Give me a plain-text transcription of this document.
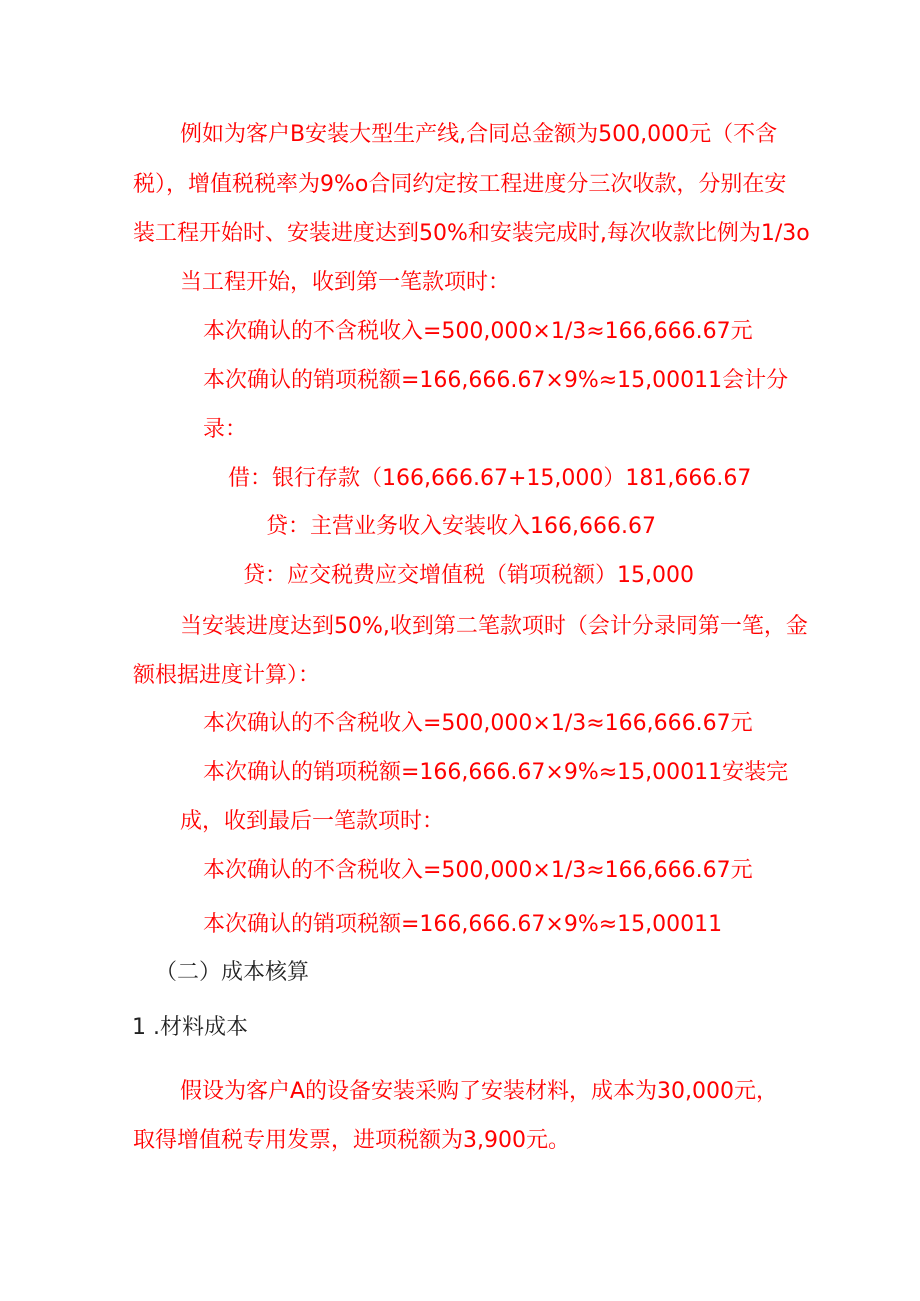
例如为客户B安装大型生产线,合同总金额为500,000元（不含
税），增值税税率为9%o合同约定按工程进度分三次收款，分别在安
装工程开始时、安装进度达到50%和安装完成时,每次收款比例为1/3o
当工程开始，收到第一笔款项时：
本次确认的不含税收入=500,000×1/3≈166,666.67元
本次确认的销项税额=166,666.67×9%≈15,00011会计分
录：
借：银行存款（166,666.67+15,000）181,666.67
贷：主营业务收入安装收入166,666.67
贷：应交税费应交增值税（销项税额）15,000
当安装进度达到50%,收到第二笔款项时（会计分录同第一笔，金
额根据进度计算）：
本次确认的不含税收入=500,000×1/3≈166,666.67元
本次确认的销项税额=166,666.67×9%≈15,00011安装完
成，收到最后一笔款项时：
本次确认的不含税收入=500,000×1/3≈166,666.67元
本次确认的销项税额=166,666.67×9%≈15,00011
（二）成本核算
1 .材料成本
假设为客户A的设备安装采购了安装材料，成本为30,000元，
取得增值税专用发票，进项税额为3,900元。
